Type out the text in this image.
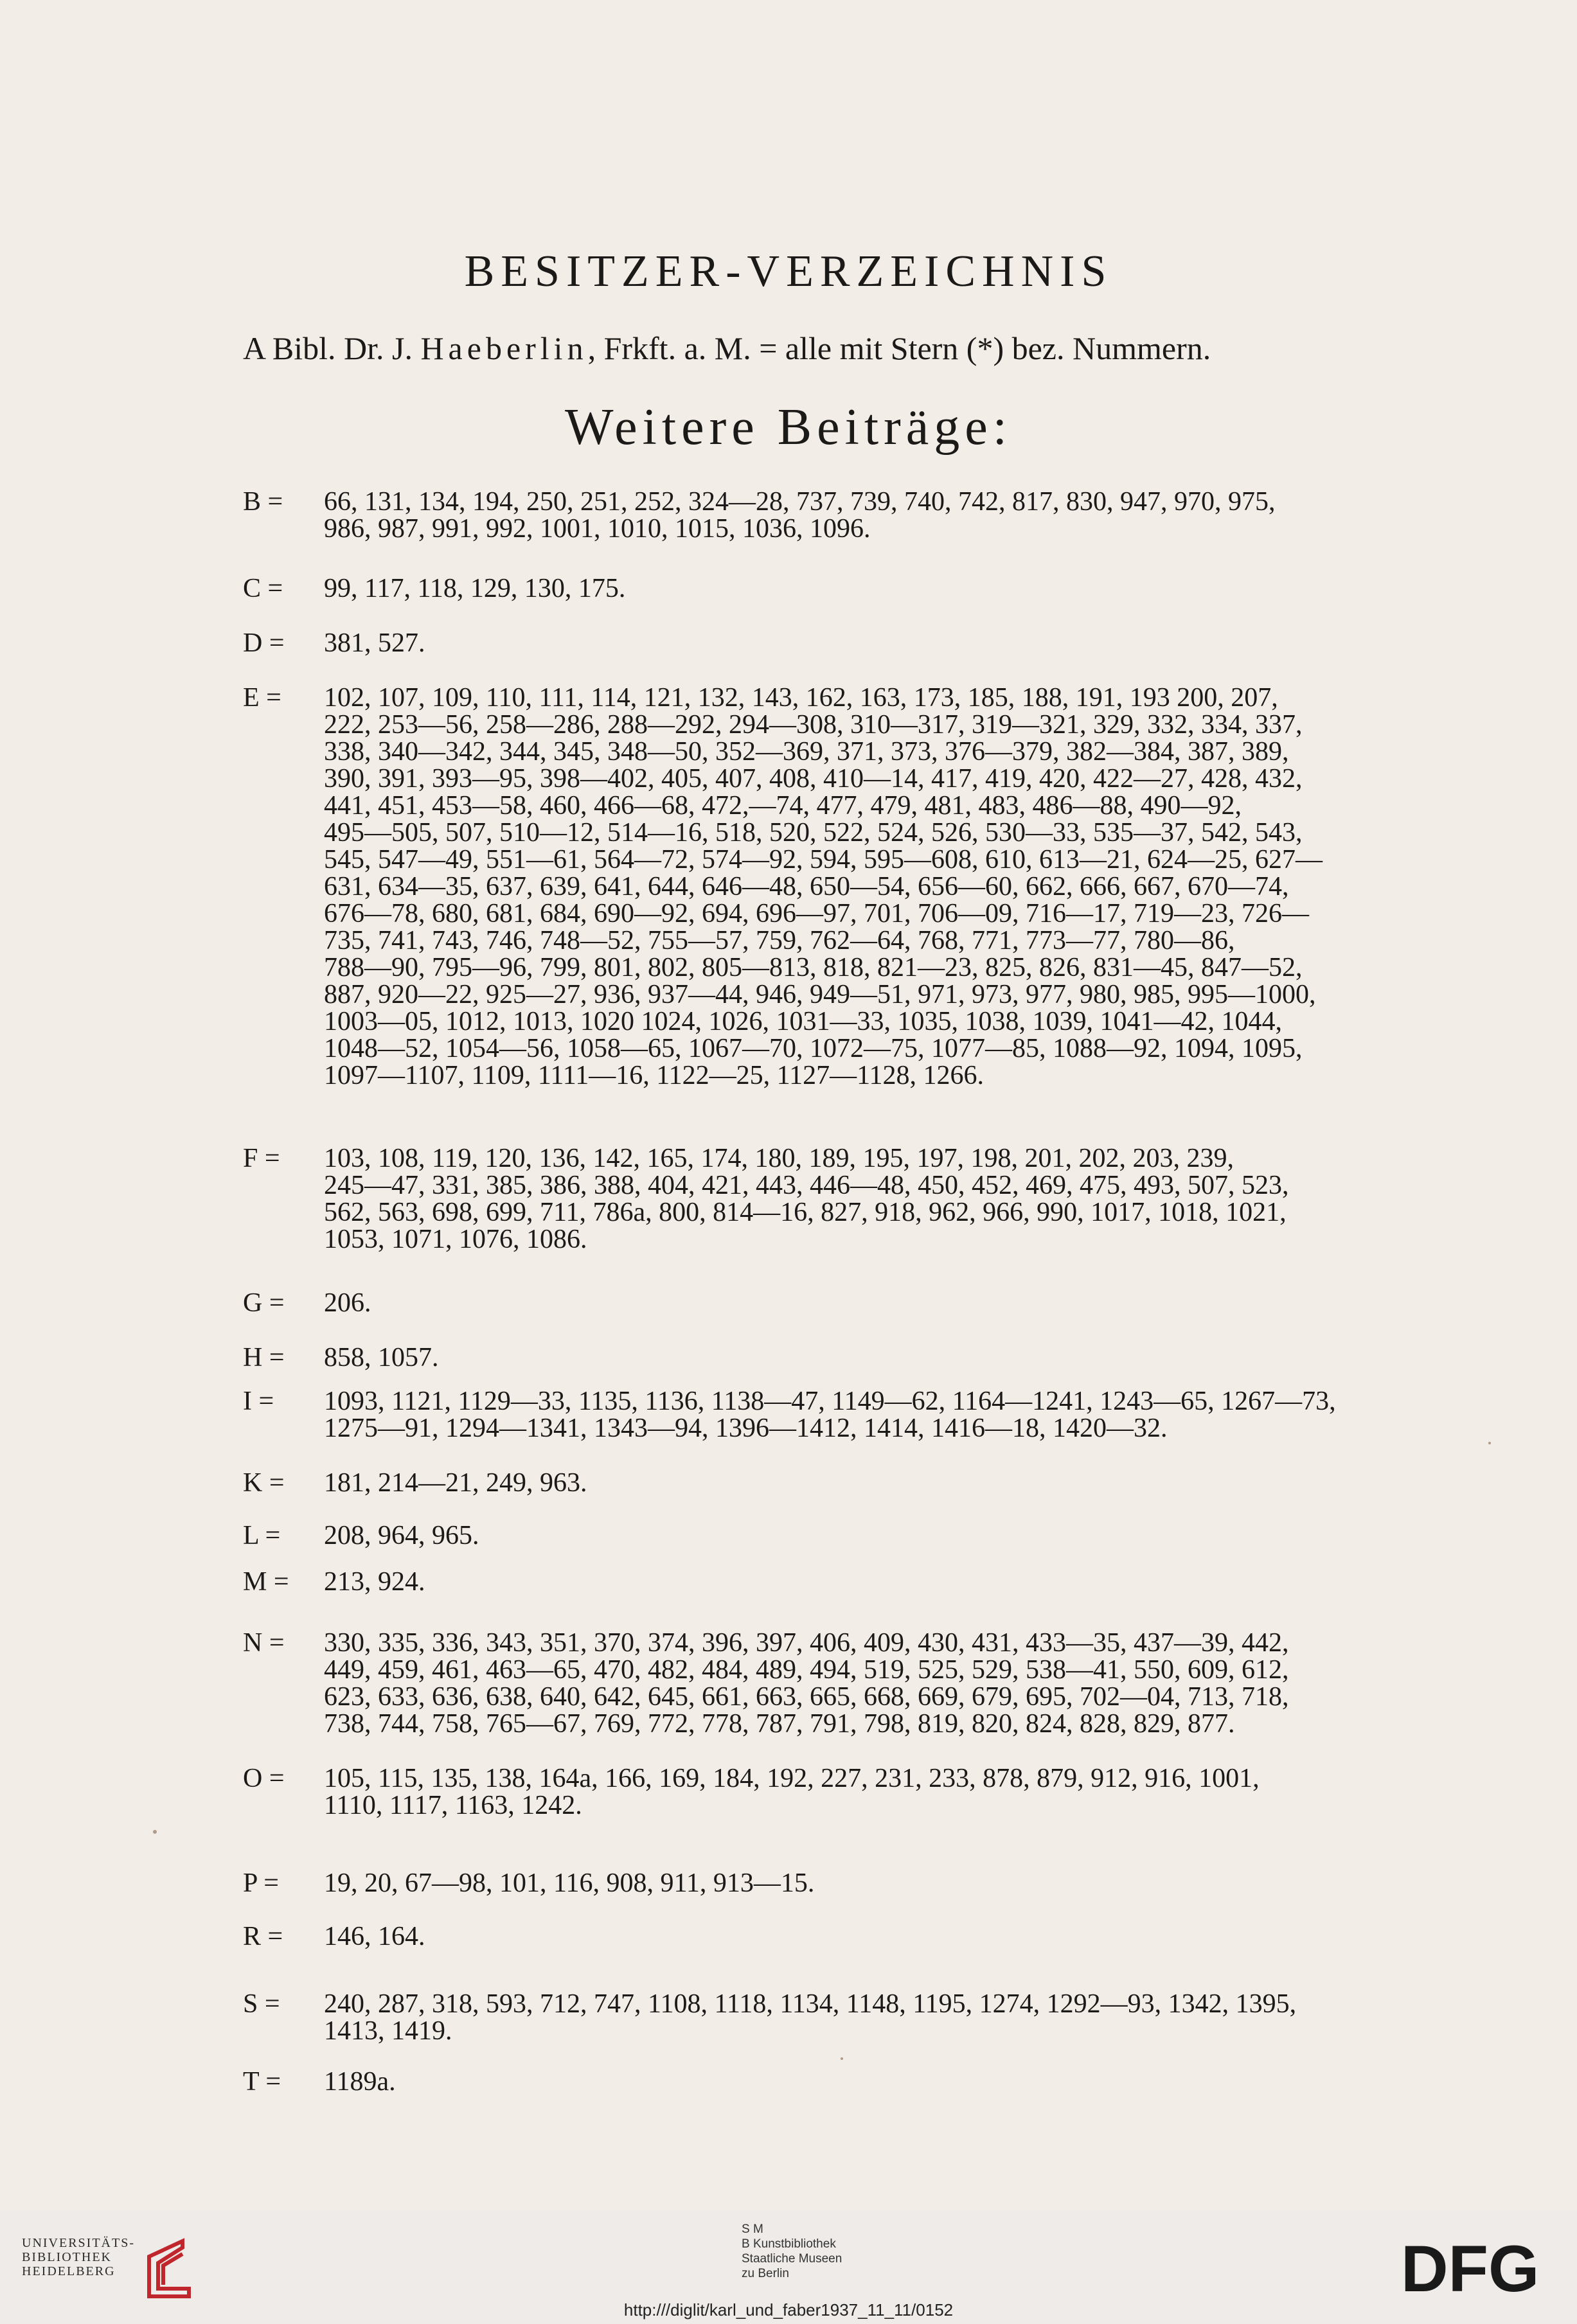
BESITZER-VERZEICHNIS
A Bibl. Dr. J. Haeberlin, Frkft. a. M. = alle mit Stern (*) bez. Nummern.
Weitere Beiträge:
B =	66, 131, 134, 194, 250, 251, 252, 324—28, 737, 739, 740, 742, 817, 830, 947, 970, 975,
986, 987, 991, 992, 1001, 1010, 1015, 1036, 1096.
C =	99, 117, 118, 129, 130, 175.
D =	381, 527.
E =	102, 107, 109, 110, 111, 114, 121, 132, 143, 162, 163, 173, 185, 188, 191, 193 200, 207,
222, 253—56, 258—286, 288—292, 294—308, 310—317, 319—321, 329, 332, 334, 337,
338, 340—342, 344, 345, 348—50, 352—369, 371, 373, 376—379, 382—384, 387, 389,
390, 391, 393—95, 398—402, 405, 407, 408, 410—14, 417, 419, 420, 422—27, 428, 432,
441, 451, 453—58, 460, 466—68, 472,—74, 477, 479, 481, 483, 486—88, 490—92,
495—505, 507, 510—12, 514—16, 518, 520, 522, 524, 526, 530—33, 535—37, 542, 543,
545, 547—49, 551—61, 564—72, 574—92, 594, 595—608, 610, 613—21, 624—25, 627—
631, 634—35, 637, 639, 641, 644, 646—48, 650—54, 656—60, 662, 666, 667, 670—74,
676—78, 680, 681, 684, 690—92, 694, 696—97, 701, 706—09, 716—17, 719—23, 726—
735, 741, 743, 746, 748—52, 755—57, 759, 762—64, 768, 771, 773—77, 780—86,
788—90, 795—96, 799, 801, 802, 805—813, 818, 821—23, 825, 826, 831—45, 847—52,
887, 920—22, 925—27, 936, 937—44, 946, 949—51, 971, 973, 977, 980, 985, 995—1000,
1003—05, 1012, 1013, 1020 1024, 1026, 1031—33, 1035, 1038, 1039, 1041—42, 1044,
1048—52, 1054—56, 1058—65, 1067—70, 1072—75, 1077—85, 1088—92, 1094, 1095,
1097—1107, 1109, 1111—16, 1122—25, 1127—1128, 1266.
F =	103, 108, 119, 120, 136, 142, 165, 174, 180, 189, 195, 197, 198, 201, 202, 203, 239,
245—47, 331, 385, 386, 388, 404, 421, 443, 446—48, 450, 452, 469, 475, 493, 507, 523,
562, 563, 698, 699, 711, 786a, 800, 814—16, 827, 918, 962, 966, 990, 1017, 1018, 1021,
1053, 1071, 1076, 1086.
G =	206.
H =	858, 1057.
I =	1093, 1121, 1129—33, 1135, 1136, 1138—47, 1149—62, 1164—1241, 1243—65, 1267—73,
1275—91, 1294—1341, 1343—94, 1396—1412, 1414, 1416—18, 1420—32.
K =	181, 214—21, 249, 963.
L =	208, 964, 965.
M =	213, 924.
N =	330, 335, 336, 343, 351, 370, 374, 396, 397, 406, 409, 430, 431, 433—35, 437—39, 442,
449, 459, 461, 463—65, 470, 482, 484, 489, 494, 519, 525, 529, 538—41, 550, 609, 612,
623, 633, 636, 638, 640, 642, 645, 661, 663, 665, 668, 669, 679, 695, 702—04, 713, 718,
738, 744, 758, 765—67, 769, 772, 778, 787, 791, 798, 819, 820, 824, 828, 829, 877.
O =	105, 115, 135, 138, 164a, 166, 169, 184, 192, 227, 231, 233, 878, 879, 912, 916, 1001,
1110, 1117, 1163, 1242.
P =	19, 20, 67—98, 101, 116, 908, 911, 913—15.
R =	146, 164.
S =	240, 287, 318, 593, 712, 747, 1108, 1118, 1134, 1148, 1195, 1274, 1292—93, 1342, 1395,
1413, 1419.
T =	1189a.
UNIVERSITÄTS-
BIBLIOTHEK
HEIDELBERG
S M
B Kunstbibliothek
Staatliche Museen
zu Berlin	DFG
http:///diglit/karl_und_faber1937_11_11/0152
